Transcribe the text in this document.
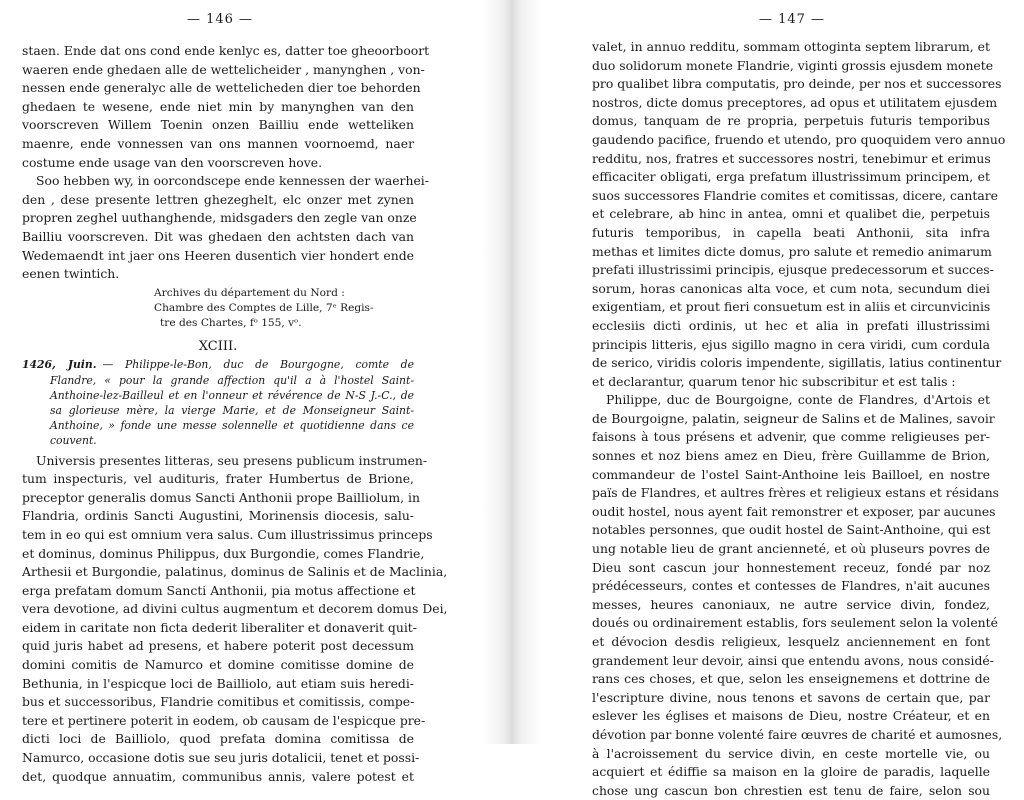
— 146 —
staen. Ende dat ons cond ende kenlyc es, datter toe gheoorboort
waeren ende ghedaen alle de wettelicheider , manynghen , von-
nessen ende generalyc alle de wettelicheden dier toe behorden
ghedaen te wesene, ende niet min by manynghen van den
voorscreven Willem Toenin onzen Bailliu ende wetteliken
maenre, ende vonnessen van ons mannen voornoemd, naer
costume ende usage van den voorscreven hove.
Soo hebben wy, in oorcondscepe ende kennessen der waerhei-
den , dese presente lettren ghezeghelt, elc onzer met zynen
propren zeghel uuthanghende, midsgaders den zegle van onze
Bailliu voorscreven. Dit was ghedaen den achtsten dach van
Wedemaendt int jaer ons Heeren dusentich vier hondert ende
eenen twintich.
Archives du département du Nord :
Chambre des Comptes de Lille, 7ᵉ Regis-
tre des Chartes, fᵒ 155, vᵒ.
XCIII.
1426, Juin. — Philippe-le-Bon, duc de Bourgogne, comte de
Flandre, « pour la grande affection qu'il a à l'hostel Saint-
Anthoine-lez-Bailleul et en l'onneur et révérence de N-S J.-C., de
sa glorieuse mère, la vierge Marie, et de Monseigneur Saint-
Anthoine, » fonde une messe solennelle et quotidienne dans ce
couvent.
Universis presentes litteras, seu presens publicum instrumen-
tum inspecturis, vel audituris, frater Humbertus de Brione,
preceptor generalis domus Sancti Anthonii prope Bailliolum, in
Flandria, ordinis Sancti Augustini, Morinensis diocesis, salu-
tem in eo qui est omnium vera salus. Cum illustrissimus princeps
et dominus, dominus Philippus, dux Burgondie, comes Flandrie,
Arthesii et Burgondie, palatinus, dominus de Salinis et de Maclinia,
erga prefatam domum Sancti Anthonii, pia motus affectione et
vera devotione, ad divini cultus augmentum et decorem domus Dei,
eidem in caritate non ficta dederit liberaliter et donaverit quit-
quid juris habet ad presens, et habere poterit post decessum
domini comitis de Namurco et domine comitisse domine de
Bethunia, in l'espicque loci de Bailliolo, aut etiam suis heredi-
bus et successoribus, Flandrie comitibus et comitissis, compe-
tere et pertinere poterit in eodem, ob causam de l'espicque pre-
dicti loci de Bailliolo, quod prefata domina comitissa de
Namurco, occasione dotis sue seu juris dotalicii, tenet et possi-
det, quodque annuatim, communibus annis, valere potest et
— 147 —
valet, in annuo redditu, sommam ottoginta septem librarum, et
duo solidorum monete Flandrie, viginti grossis ejusdem monete
pro qualibet libra computatis, pro deinde, per nos et successores
nostros, dicte domus preceptores, ad opus et utilitatem ejusdem
domus, tanquam de re propria, perpetuis futuris temporibus
gaudendo pacifice, fruendo et utendo, pro quoquidem vero annuo
redditu, nos, fratres et successores nostri, tenebimur et erimus
efficaciter obligati, erga prefatum illustrissimum principem, et
suos successores Flandrie comites et comitissas, dicere, cantare
et celebrare, ab hinc in antea, omni et qualibet die, perpetuis
futuris temporibus, in capella beati Anthonii, sita infra
methas et limites dicte domus, pro salute et remedio animarum
prefati illustrissimi principis, ejusque predecessorum et succes-
sorum, horas canonicas alta voce, et cum nota, secundum diei
exigentiam, et prout fieri consuetum est in aliis et circunvicinis
ecclesiis dicti ordinis, ut hec et alia in prefati illustrissimi
principis litteris, ejus sigillo magno in cera viridi, cum cordula
de serico, viridis coloris impendente, sigillatis, latius continentur
et declarantur, quarum tenor hic subscribitur et est talis :
Philippe, duc de Bourgoigne, conte de Flandres, d'Artois et
de Bourgoigne, palatin, seigneur de Salins et de Malines, savoir
faisons à tous présens et advenir, que comme religieuses per-
sonnes et noz biens amez en Dieu, frère Guillamme de Brion,
commandeur de l'ostel Saint-Anthoine leis Bailloel, en nostre
païs de Flandres, et aultres frères et religieux estans et résidans
oudit hostel, nous ayent fait remonstrer et exposer, par aucunes
notables personnes, que oudit hostel de Saint-Anthoine, qui est
ung notable lieu de grant ancienneté, et où pluseurs povres de
Dieu sont cascun jour honnestement receuz, fondé par noz
prédécesseurs, contes et contesses de Flandres, n'ait aucunes
messes, heures canoniaux, ne autre service divin, fondez,
doués ou ordinairement establis, fors seulement selon la volenté
et dévocion desdis religieux, lesquelz anciennement en font
grandement leur devoir, ainsi que entendu avons, nous considé-
rans ces choses, et que, selon les enseignemens et dottrine de
l'escripture divine, nous tenons et savons de certain que, par
eslever les églises et maisons de Dieu, nostre Créateur, et en
dévotion par bonne volenté faire œuvres de charité et aumosnes,
à l'acroissement du service divin, en ceste mortelle vie, ou
acquiert et édiffie sa maison en la gloire de paradis, laquelle
chose ung cascun bon chrestien est tenu de faire, selon sou
